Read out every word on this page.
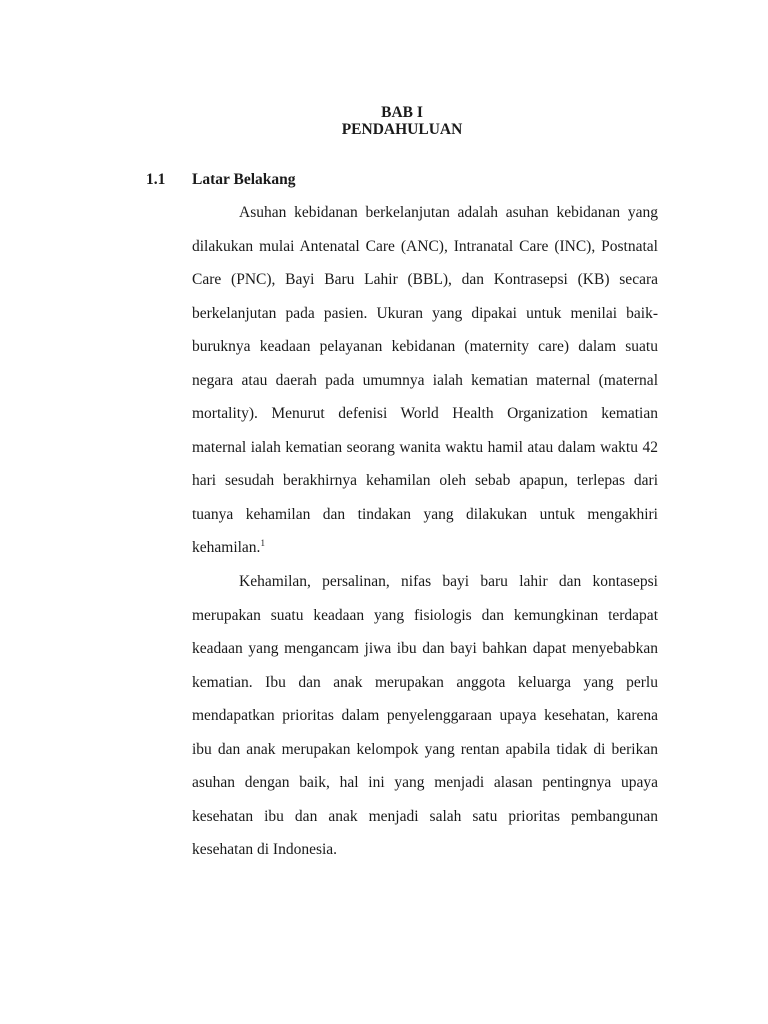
BAB I
PENDAHULUAN
1.1 Latar Belakang

Asuhan kebidanan berkelanjutan adalah asuhan kebidanan yang dilakukan mulai Antenatal Care (ANC), Intranatal Care (INC), Postnatal Care (PNC), Bayi Baru Lahir (BBL), dan Kontrasepsi (KB) secara berkelanjutan pada pasien. Ukuran yang dipakai untuk menilai baik-buruknya keadaan pelayanan kebidanan (maternity care) dalam suatu negara atau daerah pada umumnya ialah kematian maternal (maternal mortality). Menurut defenisi World Health Organization kematian maternal ialah kematian seorang wanita waktu hamil atau dalam waktu 42 hari sesudah berakhirnya kehamilan oleh sebab apapun, terlepas dari tuanya kehamilan dan tindakan yang dilakukan untuk mengakhiri kehamilan.$^1$

Kehamilan, persalinan, nifas bayi baru lahir dan kontasepsi merupakan suatu keadaan yang fisiologis dan kemungkinan terdapat keadaan yang mengancam jiwa ibu dan bayi bahkan dapat menyebabkan kematian. Ibu dan anak merupakan anggota keluarga yang perlu mendapatkan prioritas dalam penyelenggaraan upaya kesehatan, karena ibu dan anak merupakan kelompok yang rentan apabila tidak di berikan asuhan dengan baik, hal ini yang menjadi alasan pentingnya upaya kesehatan ibu dan anak menjadi salah satu prioritas pembangunan kesehatan di Indonesia.
